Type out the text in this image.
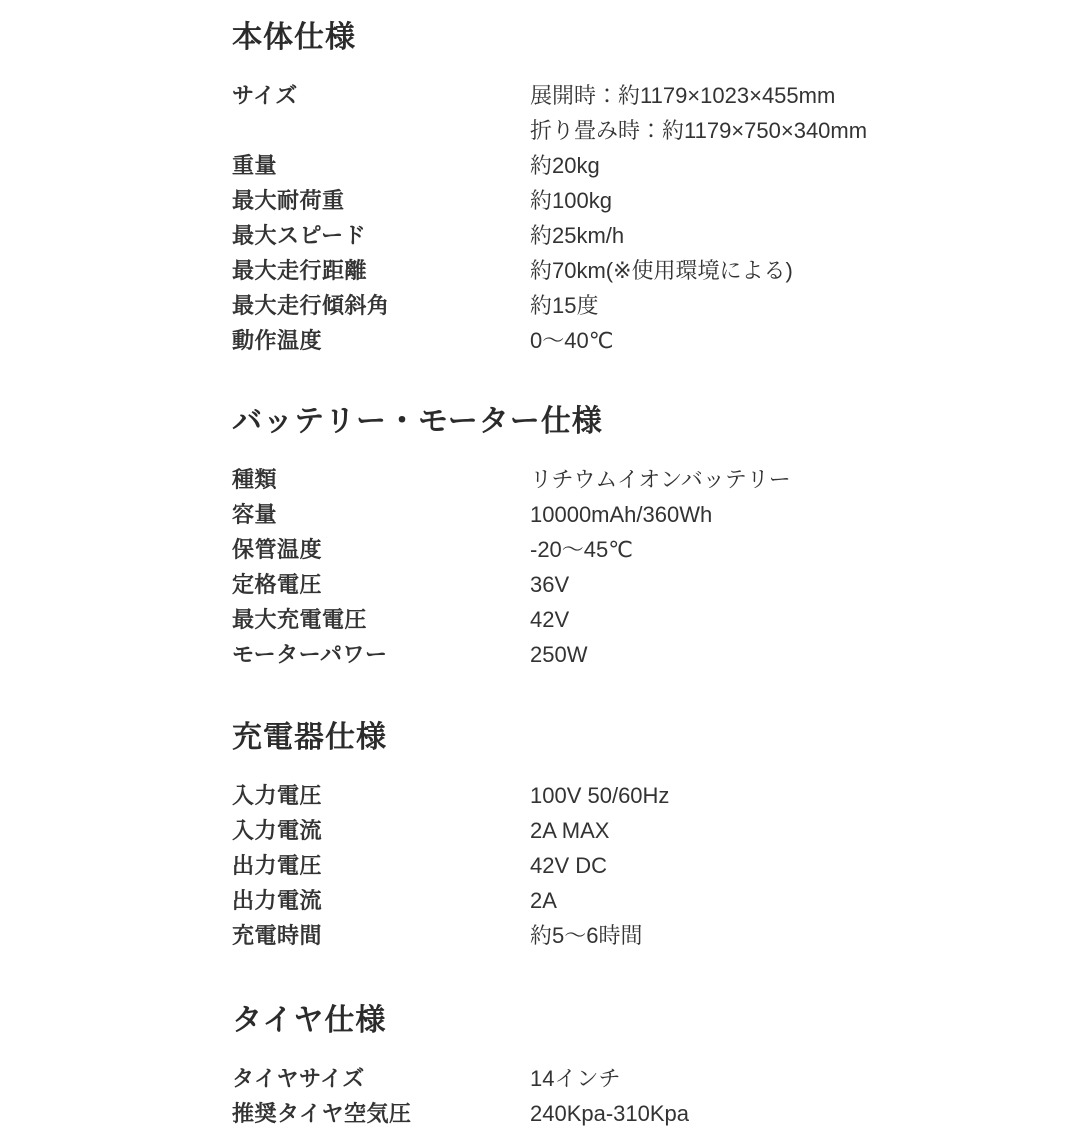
本体仕様
サイズ	展開時：約1179×1023×455mm
折り畳み時：約1179×750×340mm
重量	約20kg
最大耐荷重	約100kg
最大スピード	約25km/h
最大走行距離	約70km(※使用環境による)
最大走行傾斜角	約15度
動作温度	0〜40℃
バッテリー・モーター仕様
種類	リチウムイオンバッテリー
容量	10000mAh/360Wh
保管温度	-20〜45℃
定格電圧	36V
最大充電電圧	42V
モーターパワー	250W
充電器仕様
入力電圧	100V 50/60Hz
入力電流	2A MAX
出力電圧	42V DC
出力電流	2A
充電時間	約5〜6時間
タイヤ仕様
タイヤサイズ	14インチ
推奨タイヤ空気圧	240Kpa-310Kpa
